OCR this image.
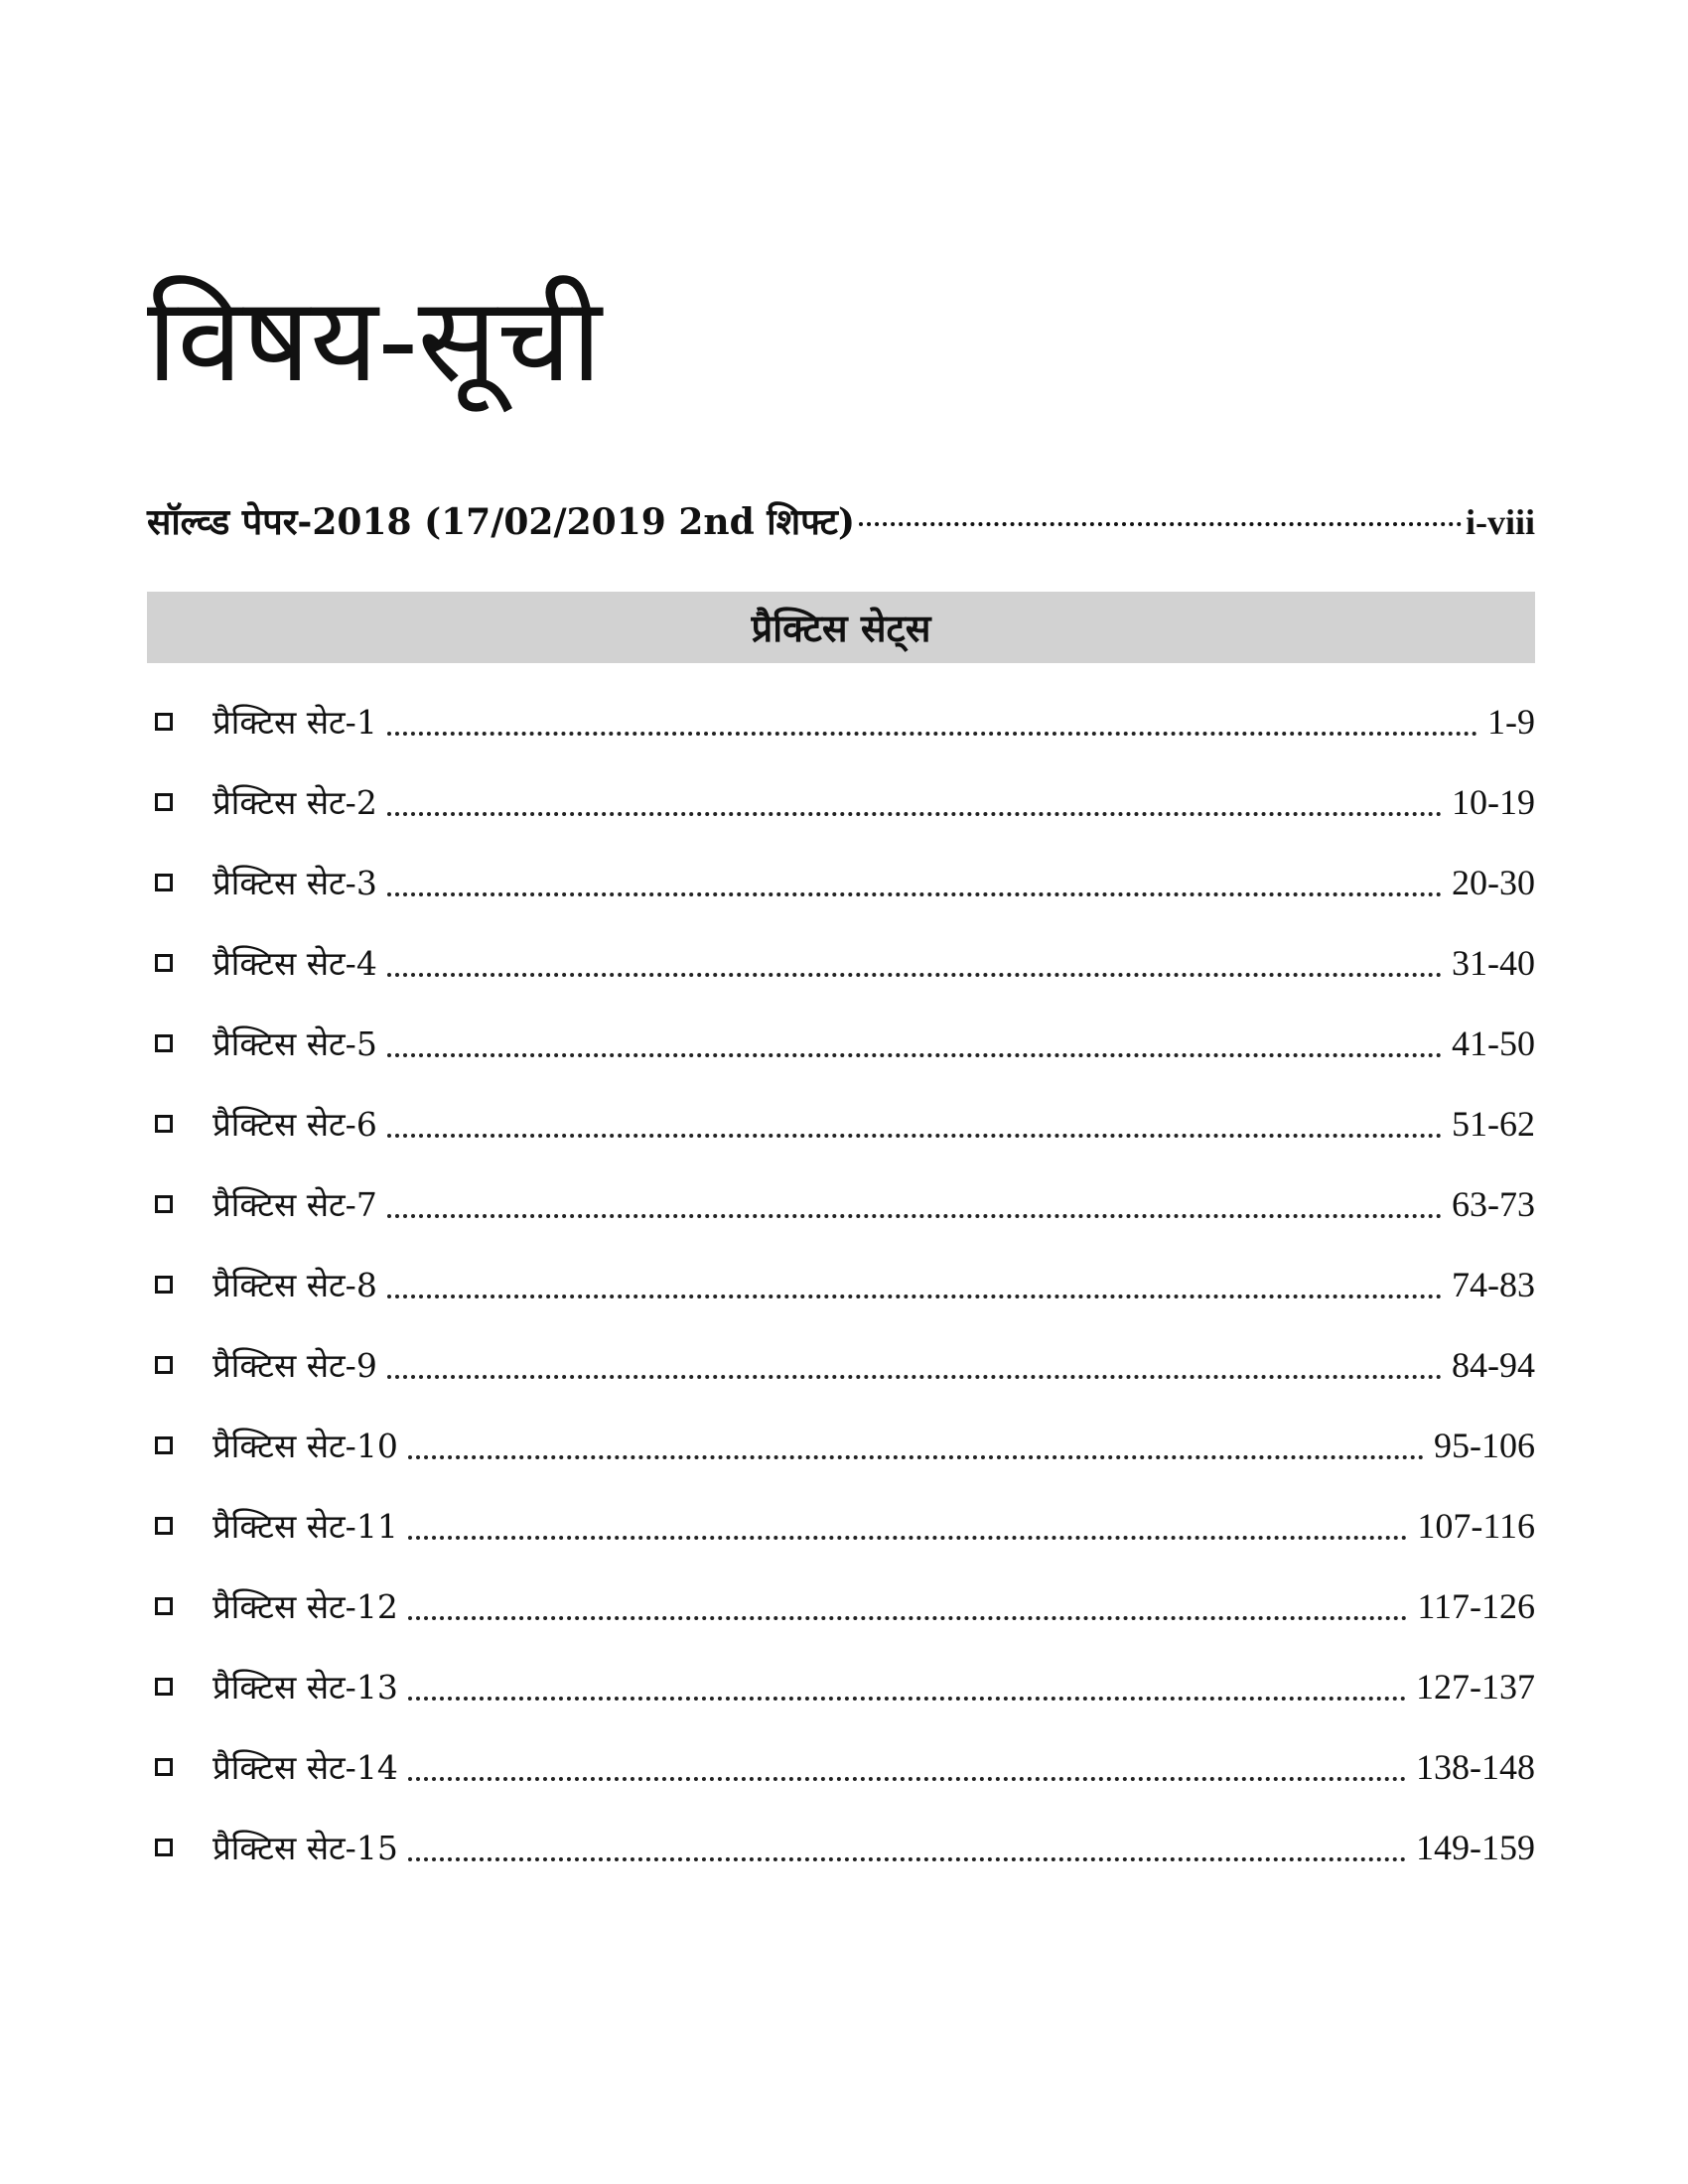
विषय-सूची
सॉल्व्ड पेपर-2018 (17/02/2019 2nd शिफ्ट)	i-viii
प्रैक्टिस सेट्स
प्रैक्टिस सेट-1	1-9
प्रैक्टिस सेट-2	10-19
प्रैक्टिस सेट-3	20-30
प्रैक्टिस सेट-4	31-40
प्रैक्टिस सेट-5	41-50
प्रैक्टिस सेट-6	51-62
प्रैक्टिस सेट-7	63-73
प्रैक्टिस सेट-8	74-83
प्रैक्टिस सेट-9	84-94
प्रैक्टिस सेट-10	95-106
प्रैक्टिस सेट-11	107-116
प्रैक्टिस सेट-12	117-126
प्रैक्टिस सेट-13	127-137
प्रैक्टिस सेट-14	138-148
प्रैक्टिस सेट-15	149-159
